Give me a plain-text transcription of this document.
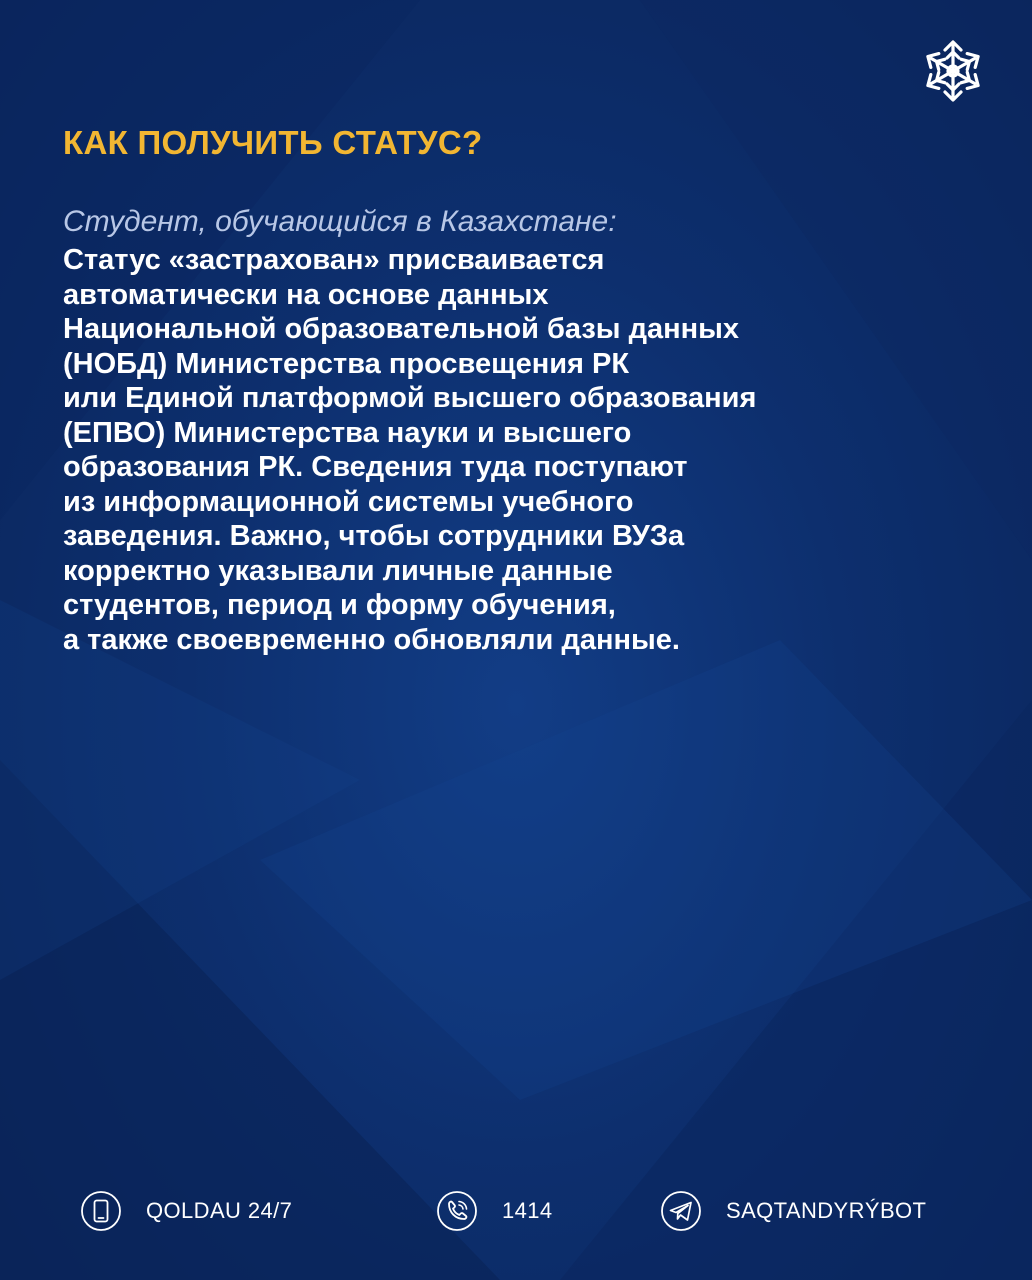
КАК ПОЛУЧИТЬ СТАТУС?

Студент, обучающийся в Казахстане:

Статус «застрахован» присваивается
автоматически на основе данных
Национальной образовательной базы данных
(НОБД) Министерства просвещения РК
или Единой платформой высшего образования
(ЕПВО) Министерства науки и высшего
образования РК. Сведения туда поступают
из информационной системы учебного
заведения. Важно, чтобы сотрудники ВУЗа
корректно указывали личные данные
студентов, период и форму обучения,
а также своевременно обновляли данные.

QOLDAU 24/7	1414	SAQTANDYRÝBOT
